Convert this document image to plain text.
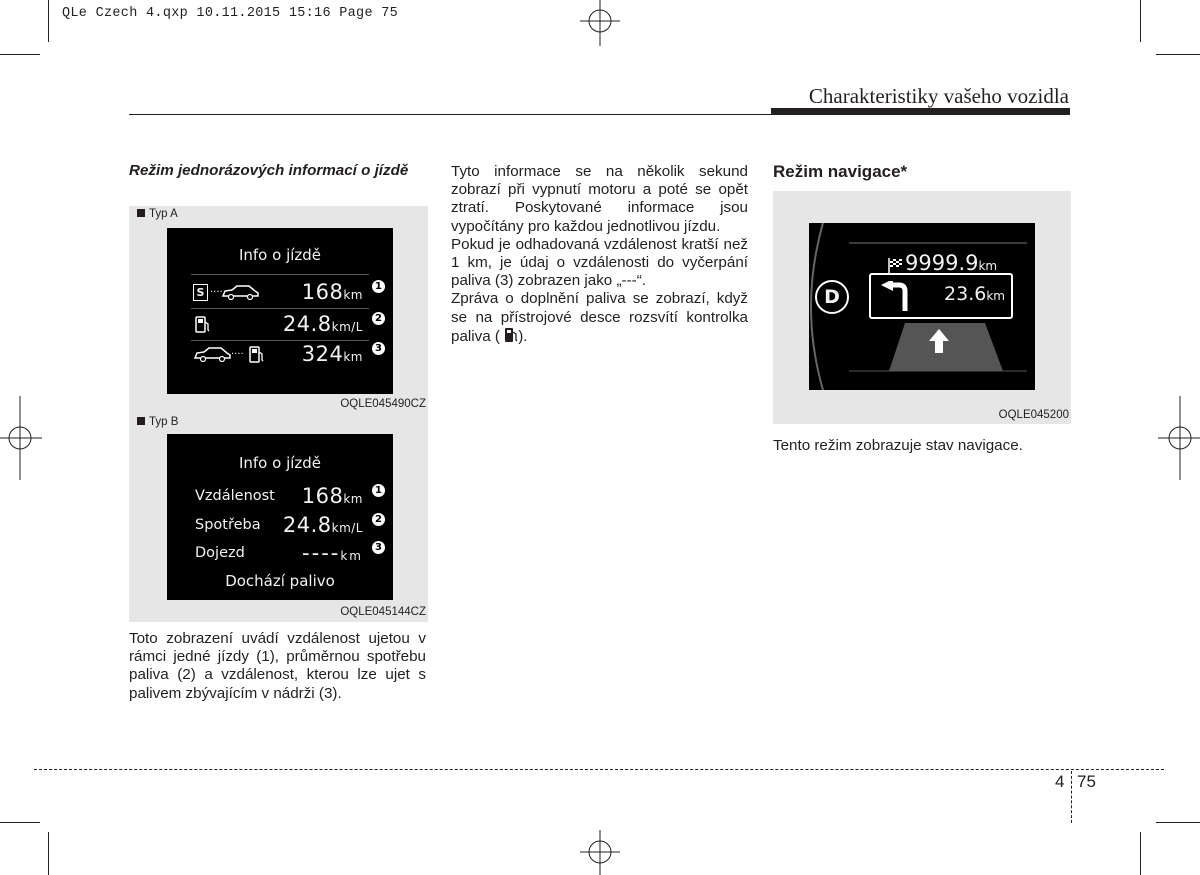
QLe Czech 4.qxp 10.11.2015 15:16 Page 75
Charakteristiky vašeho vozidla
Režim jednorázových informací o jízdě
Typ A
Info o jízdě
S ....	168km
1
24.8km/L
2
....	324km
3
OQLE045490CZ
Typ B
Info o jízdě
Vzdálenost 168km
1
Spotřeba 24.8km/L
2
Dojezd	----km
3
Dochází palivo
OQLE045144CZ

Toto zobrazení uvádí vzdálenost ujetou v rámci jedné jízdy (1), průměrnou spotřebu paliva (2) a vzdálenost, kterou lze ujet s palivem zbývajícím v nádrži (3).

Tyto informace se na několik sekund zobrazí při vypnutí motoru a poté se opět ztratí. Poskytované informace jsou vypočítány pro každou jednotlivou jízdu.

Pokud je odhadovaná vzdálenost kratší než 1 km, je údaj o vzdálenosti do vyčerpání paliva (3) zobrazen jako „---“.

Zpráva o doplnění paliva se zobrazí, když se na přístrojové desce rozsvítí kontrolka paliva ( ).

Režim navigace*
9999.9km
D	23.6km
OQLE045200
Tento režim zobrazuje stav navigace.
4 75
